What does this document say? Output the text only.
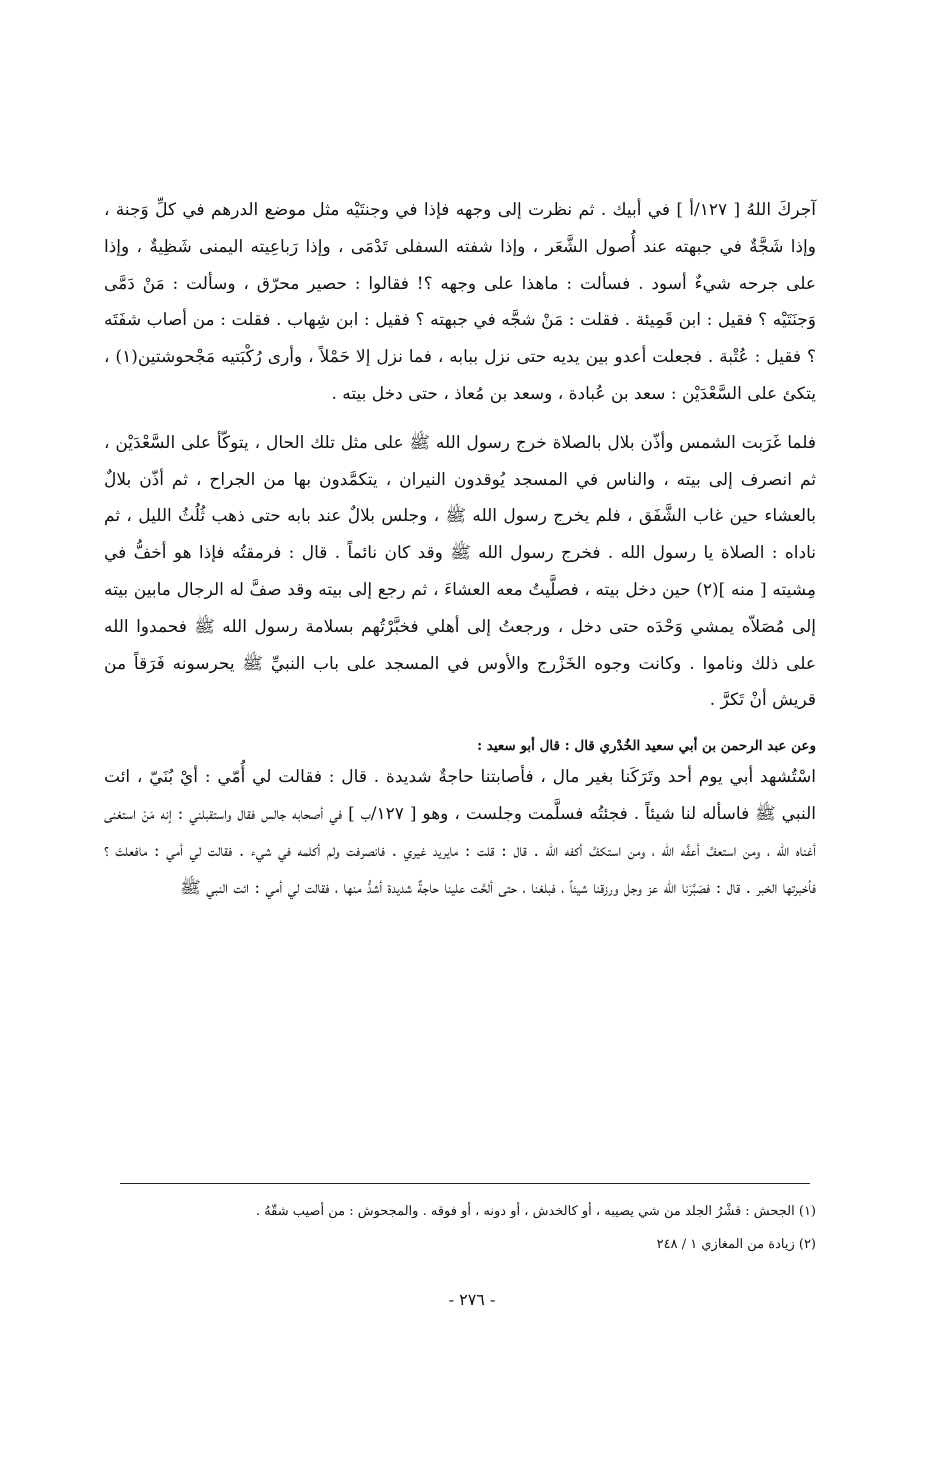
آجركَ اللهُ [ ١٢٧/أ ] في أبيك . ثم نظرت إلى وجهه فإذا في وجنتَيْه مثل موضع الدرهم في كلِّ وَجنة ، وإذا شَجَّةٌ في جبهته عند أُصول الشَّعَر ، وإذا شفته السفلى تَدْمَى ، وإذا رَباعِيته اليمنى شَظِيةٌ ، وإذا على جرحه شيءٌ أسود . فسألت : ماهذا على وجهه ؟! فقالوا : حصير محرّق ، وسألت : مَنْ دَمَّى وَجنَتَيْه ؟ فقيل : ابن قَمِيئة . فقلت : مَنْ شجَّه في جبهته ؟ فقيل : ابن شِهاب . فقلت : من أصاب شفَتَه ؟ فقيل : عُتْبة . فجعلت أعدو بين يديه حتى نزل ببابه ، فما نزل إلا حَمْلاً ، وأرى رُكْبَتيه مَجْحوشتين(١) ، يتكئ على السَّعْدَيْن : سعد بن عُبادة ، وسعد بن مُعاذ ، حتى دخل بيته .

فلما غَرَبت الشمس وأذّن بلال بالصلاة خرج رسول الله ﷺ على مثل تلك الحال ، يتوكّأ على السَّعْدَيْن ، ثم انصرف إلى بيته ، والناس في المسجد يُوقدون النيران ، يتكمَّدون بها من الجراح ، ثم أذّن بلالٌ بالعشاء حين غاب الشَّفَق ، فلم يخرج رسول الله ﷺ ، وجلس بلالٌ عند بابه حتى ذهب ثُلُثُ الليل ، ثم ناداه : الصلاة يا رسول الله . فخرج رسول الله ﷺ وقد كان نائماً . قال : فرمقتُه فإذا هو أخفُّ في مِشيته [ منه ](٢) حين دخل بيته ، فصلَّيتُ معه العشاءَ ، ثم رجع إلى بيته وقد صفَّ له الرجال مابين بيته إلى مُصَلاّه يمشي وَحْدَه حتى دخل ، ورجعتُ إلى أهلي فخبَّرْتُهم بسلامة رسول الله ﷺ فحمدوا الله على ذلك وناموا . وكانت وجوه الخَزْرج والأوس في المسجد على باب النبيِّ ﷺ يحرسونه فَرَقاً من قريش أنْ تَكرَّ .

وعن عبد الرحمن بن أبي سعيد الخُدْري قال : قال أبو سعيد :

اسْتُشهد أبي يوم أحد وتَرَكَنا بغير مال ، فأصابتنا حاجةٌ شديدة . قال : فقالت لي أُمّي : أيْ بُنَيّ ، ائت النبي ﷺ فاسأله لنا شيئاً . فجئتُه فسلَّمت وجلست ، وهو [ ١٢٧/ب ] في أصحابه جالس فقال واستقبلني : إنه مَنْ استغنى أغناه الله ، ومن استعفَّ أعفَّه الله ، ومن استكفَّ أكفه الله . قال : قلت : مايريد غيري . فانصرفت ولم أكلمه في شيء . فقالت لي أمي : مافعلتَ ؟ فأخبرتها الخبر . قال : فصَبَّرَنا الله عز وجل ورزقنا شيئاً ، فبلغنا ، حتى ألحَّت علينا حاجةٌ شديدة أشدُّ منها ، فقالت لي أمي : ائت النبي ﷺ

(١) الجحش : قشْرُ الجلد من شي يصيبه ، أو كالخدش ، أو دونه ، أو فوقه . والمجحوش : من أصيب شقّهُ .

(٢) زيادة من المغازي ١ / ٢٤٨

- ٢٧٦ -
